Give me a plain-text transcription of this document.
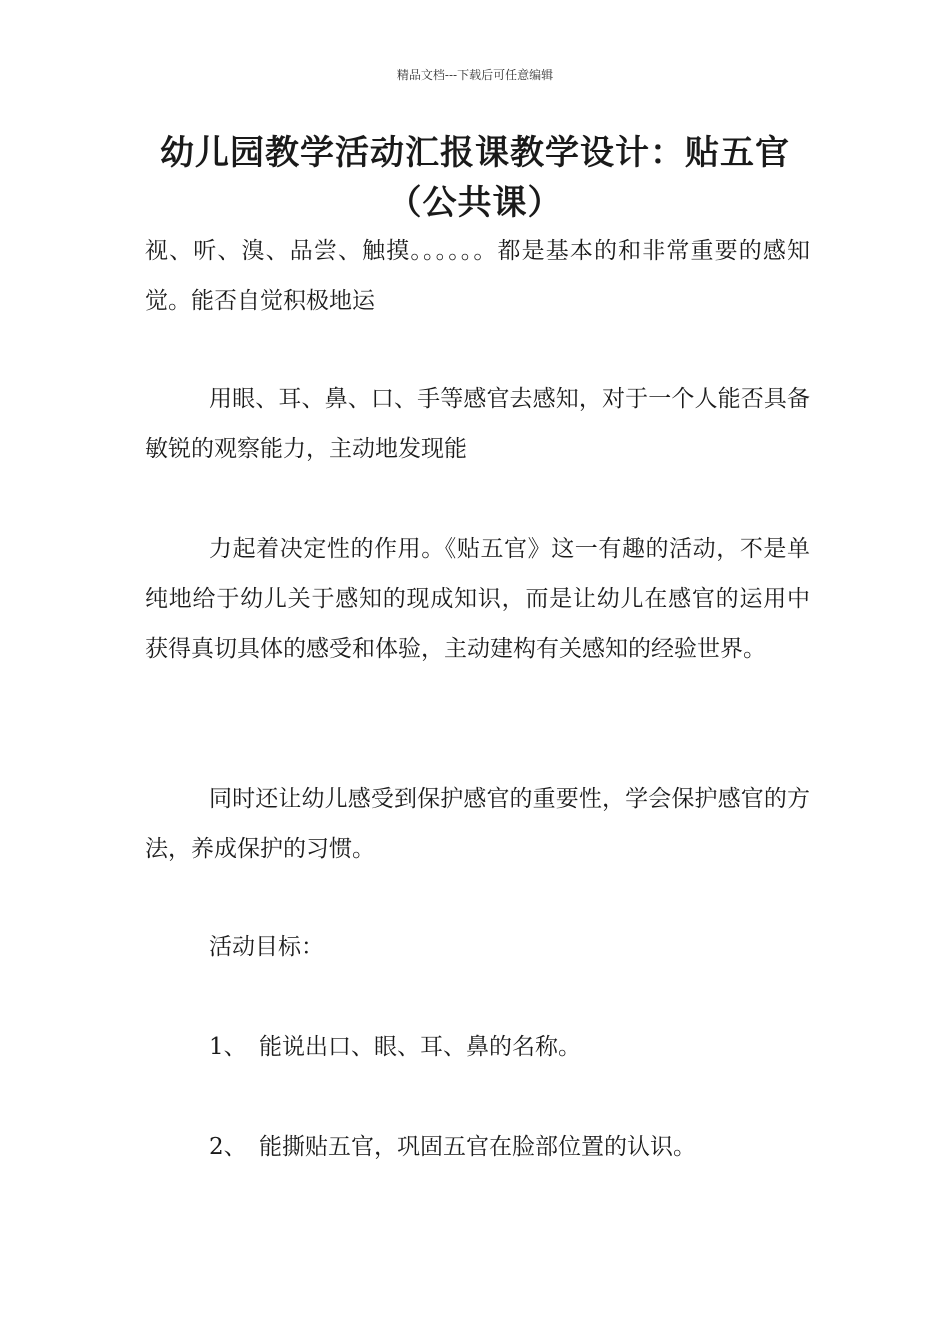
精品文档---下载后可任意编辑
幼儿园教学活动汇报课教学设计：贴五官（公共课）

视、听、溴、品尝、触摸。。。。。。都是基本的和非常重要的感知觉。能否自觉积极地运

用眼、耳、鼻、口、手等感官去感知，对于一个人能否具备敏锐的观察能力，主动地发现能

力起着决定性的作用。《贴五官》这一有趣的活动，不是单纯地给于幼儿关于感知的现成知识，而是让幼儿在感官的运用中获得真切具体的感受和体验，主动建构有关感知的经验世界。

同时还让幼儿感受到保护感官的重要性，学会保护感官的方法，养成保护的习惯。

活动目标：

1、 能说出口、眼、耳、鼻的名称。

2、 能撕贴五官，巩固五官在脸部位置的认识。
